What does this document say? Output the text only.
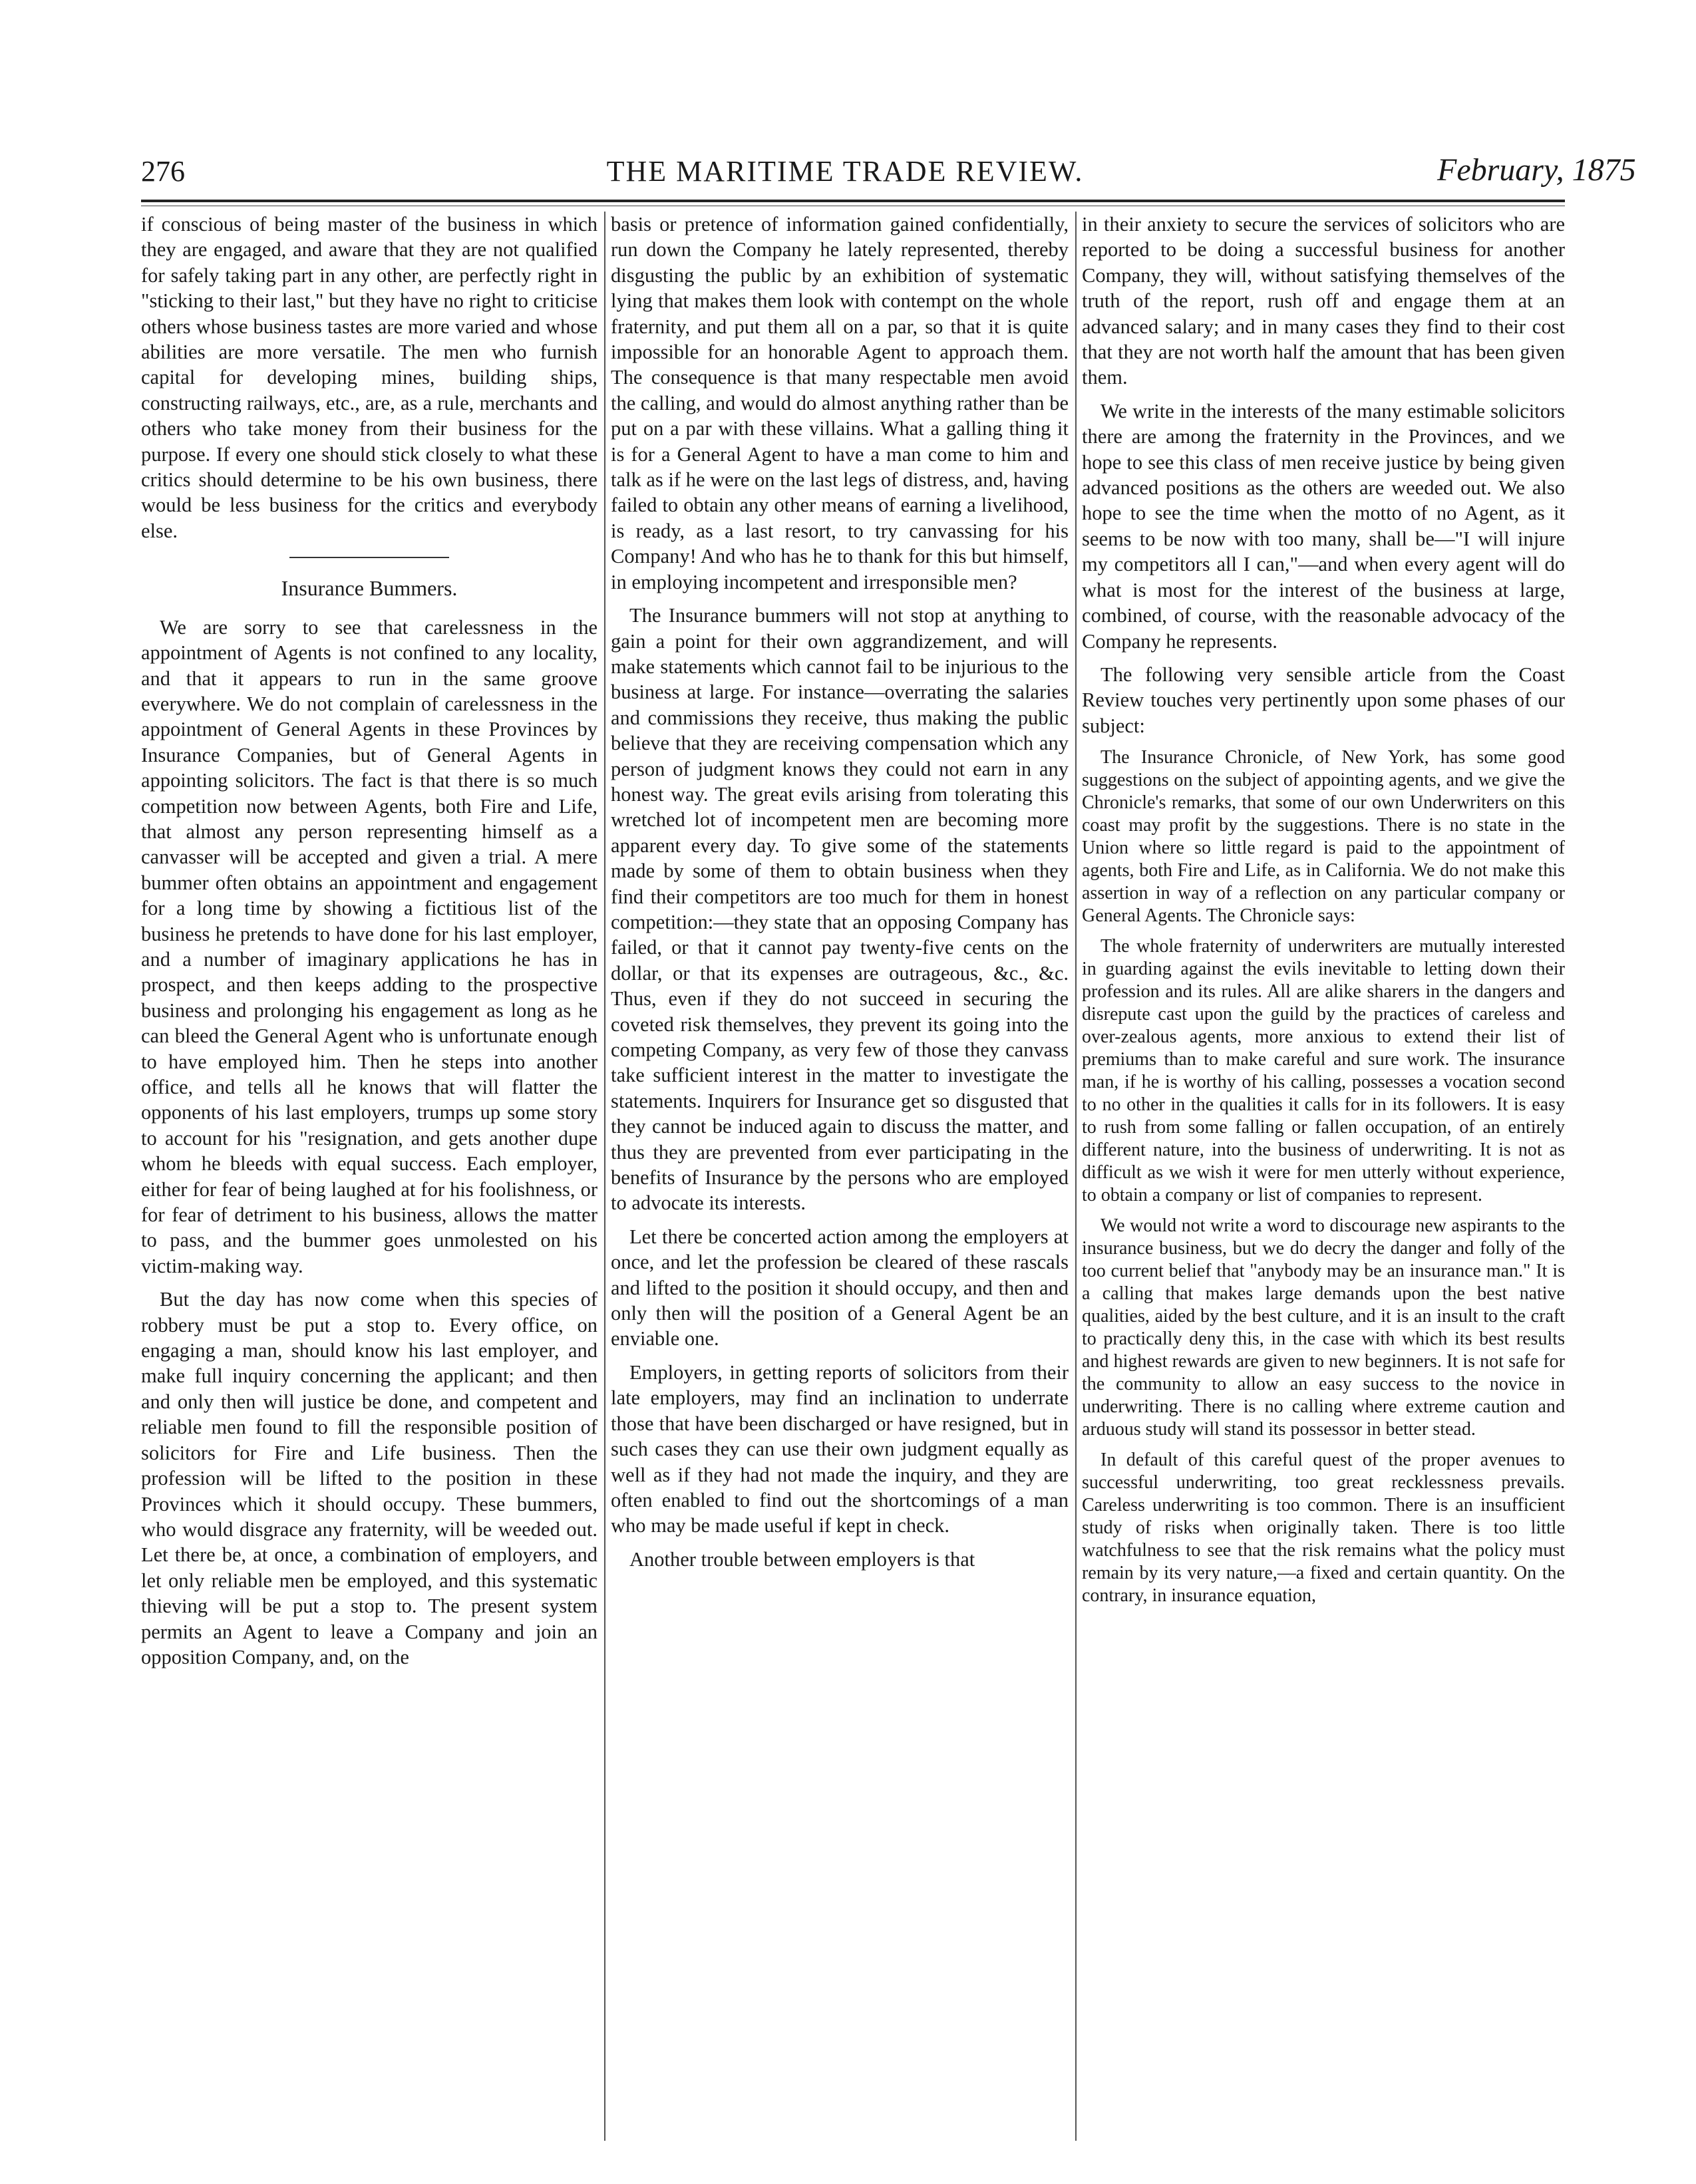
276	THE MARITIME TRADE REVIEW.	February, 1875

if conscious of being master of the business in which they are engaged, and aware that they are not qualified for safely taking part in any other, are perfectly right in "sticking to their last," but they have no right to criticise others whose business tastes are more varied and whose abilities are more versatile. The men who furnish capital for developing mines, building ships, constructing railways, etc., are, as a rule, merchants and others who take money from their business for the purpose. If every one should stick closely to what these critics should determine to be his own business, there would be less business for the critics and everybody else.

Insurance Bummers.

We are sorry to see that carelessness in the appointment of Agents is not confined to any locality, and that it appears to run in the same groove everywhere. We do not complain of carelessness in the appointment of General Agents in these Provinces by Insurance Companies, but of General Agents in appointing solicitors. The fact is that there is so much competition now between Agents, both Fire and Life, that almost any person representing himself as a canvasser will be accepted and given a trial. A mere bummer often obtains an appointment and engagement for a long time by showing a fictitious list of the business he pretends to have done for his last employer, and a number of imaginary applications he has in prospect, and then keeps adding to the prospective business and prolonging his engagement as long as he can bleed the General Agent who is unfortunate enough to have employed him. Then he steps into another office, and tells all he knows that will flatter the opponents of his last employers, trumps up some story to account for his "resignation, and gets another dupe whom he bleeds with equal success. Each employer, either for fear of being laughed at for his foolishness, or for fear of detriment to his business, allows the matter to pass, and the bummer goes unmolested on his victim-making way.

But the day has now come when this species of robbery must be put a stop to. Every office, on engaging a man, should know his last employer, and make full inquiry concerning the applicant; and then and only then will justice be done, and competent and reliable men found to fill the responsible position of solicitors for Fire and Life business. Then the profession will be lifted to the position in these Provinces which it should occupy. These bummers, who would disgrace any fraternity, will be weeded out. Let there be, at once, a combination of employers, and let only reliable men be employed, and this systematic thieving will be put a stop to. The present system permits an Agent to leave a Company and join an opposition Company, and, on the

basis or pretence of information gained confidentially, run down the Company he lately represented, thereby disgusting the public by an exhibition of systematic lying that makes them look with contempt on the whole fraternity, and put them all on a par, so that it is quite impossible for an honorable Agent to approach them. The consequence is that many respectable men avoid the calling, and would do almost anything rather than be put on a par with these villains. What a galling thing it is for a General Agent to have a man come to him and talk as if he were on the last legs of distress, and, having failed to obtain any other means of earning a livelihood, is ready, as a last resort, to try canvassing for his Company! And who has he to thank for this but himself, in employing incompetent and irresponsible men?

The Insurance bummers will not stop at anything to gain a point for their own aggrandizement, and will make statements which cannot fail to be injurious to the business at large. For instance—overrating the salaries and commissions they receive, thus making the public believe that they are receiving compensation which any person of judgment knows they could not earn in any honest way. The great evils arising from tolerating this wretched lot of incompetent men are becoming more apparent every day. To give some of the statements made by some of them to obtain business when they find their competitors are too much for them in honest competition:—they state that an opposing Company has failed, or that it cannot pay twenty-five cents on the dollar, or that its expenses are outrageous, &c., &c. Thus, even if they do not succeed in securing the coveted risk themselves, they prevent its going into the competing Company, as very few of those they canvass take sufficient interest in the matter to investigate the statements. Inquirers for Insurance get so disgusted that they cannot be induced again to discuss the matter, and thus they are prevented from ever participating in the benefits of Insurance by the persons who are employed to advocate its interests.

Let there be concerted action among the employers at once, and let the profession be cleared of these rascals and lifted to the position it should occupy, and then and only then will the position of a General Agent be an enviable one.

Employers, in getting reports of solicitors from their late employers, may find an inclination to underrate those that have been discharged or have resigned, but in such cases they can use their own judgment equally as well as if they had not made the inquiry, and they are often enabled to find out the shortcomings of a man who may be made useful if kept in check.

Another trouble between employers is that

in their anxiety to secure the services of solicitors who are reported to be doing a successful business for another Company, they will, without satisfying themselves of the truth of the report, rush off and engage them at an advanced salary; and in many cases they find to their cost that they are not worth half the amount that has been given them.

We write in the interests of the many estimable solicitors there are among the fraternity in the Provinces, and we hope to see this class of men receive justice by being given advanced positions as the others are weeded out. We also hope to see the time when the motto of no Agent, as it seems to be now with too many, shall be—"I will injure my competitors all I can,"—and when every agent will do what is most for the interest of the business at large, combined, of course, with the reasonable advocacy of the Company he represents.

The following very sensible article from the Coast Review touches very pertinently upon some phases of our subject:

The Insurance Chronicle, of New York, has some good suggestions on the subject of appointing agents, and we give the Chronicle's remarks, that some of our own Underwriters on this coast may profit by the suggestions. There is no state in the Union where so little regard is paid to the appointment of agents, both Fire and Life, as in California. We do not make this assertion in way of a reflection on any particular company or General Agents. The Chronicle says:

The whole fraternity of underwriters are mutually interested in guarding against the evils inevitable to letting down their profession and its rules. All are alike sharers in the dangers and disrepute cast upon the guild by the practices of careless and over-zealous agents, more anxious to extend their list of premiums than to make careful and sure work. The insurance man, if he is worthy of his calling, possesses a vocation second to no other in the qualities it calls for in its followers. It is easy to rush from some falling or fallen occupation, of an entirely different nature, into the business of underwriting. It is not as difficult as we wish it were for men utterly without experience, to obtain a company or list of companies to represent.

We would not write a word to discourage new aspirants to the insurance business, but we do decry the danger and folly of the too current belief that "anybody may be an insurance man." It is a calling that makes large demands upon the best native qualities, aided by the best culture, and it is an insult to the craft to practically deny this, in the case with which its best results and highest rewards are given to new beginners. It is not safe for the community to allow an easy success to the novice in underwriting. There is no calling where extreme caution and arduous study will stand its possessor in better stead.

In default of this careful quest of the proper avenues to successful underwriting, too great recklessness prevails. Careless underwriting is too common. There is an insufficient study of risks when originally taken. There is too little watchfulness to see that the risk remains what the policy must remain by its very nature,—a fixed and certain quantity. On the contrary, in insurance equation,
